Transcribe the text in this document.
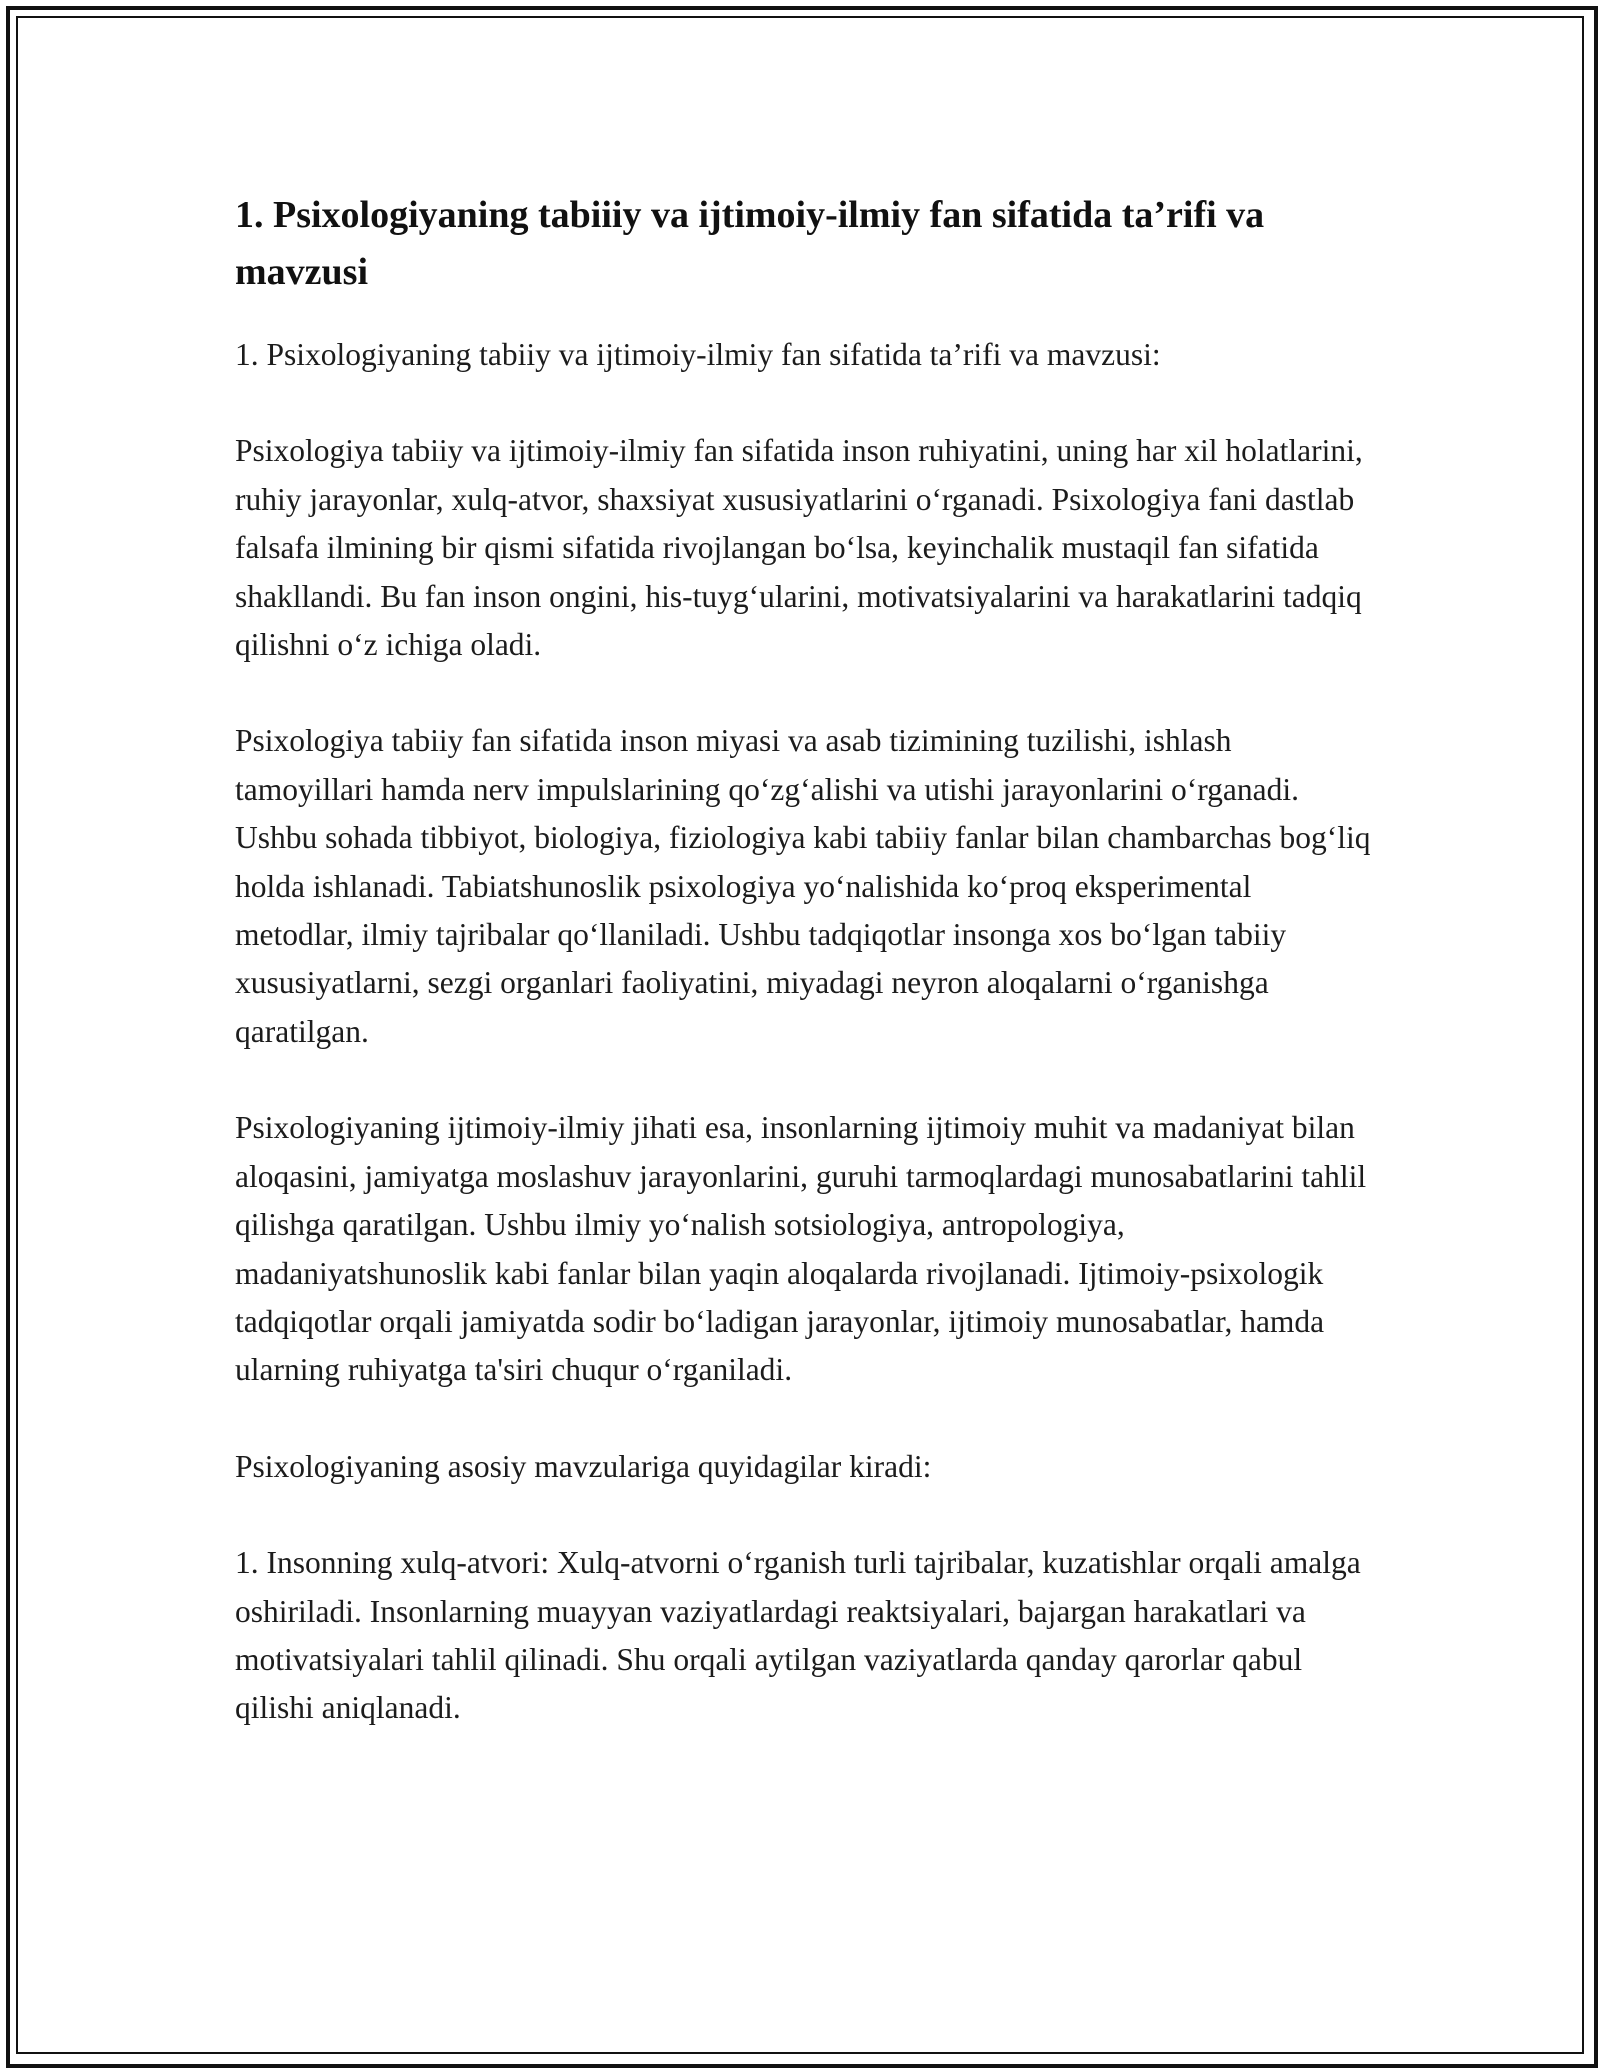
1. Psixologiyaning tabiiiy va ijtimoiy-ilmiy fan sifatida ta’rifi va mavzusi

1. Psixologiyaning tabiiy va ijtimoiy-ilmiy fan sifatida ta’rifi va mavzusi:

Psixologiya tabiiy va ijtimoiy-ilmiy fan sifatida inson ruhiyatini, uning har xil holatlarini, ruhiy jarayonlar, xulq-atvor, shaxsiyat xususiyatlarini o‘rganadi. Psixologiya fani dastlab falsafa ilmining bir qismi sifatida rivojlangan bo‘lsa, keyinchalik mustaqil fan sifatida shakllandi. Bu fan inson ongini, his-tuyg‘ularini, motivatsiyalarini va harakatlarini tadqiq qilishni o‘z ichiga oladi.

Psixologiya tabiiy fan sifatida inson miyasi va asab tizimining tuzilishi, ishlash tamoyillari hamda nerv impulslarining qo‘zg‘alishi va utishi jarayonlarini o‘rganadi. Ushbu sohada tibbiyot, biologiya, fiziologiya kabi tabiiy fanlar bilan chambarchas bog‘liq holda ishlanadi. Tabiatshunoslik psixologiya yo‘nalishida ko‘proq eksperimental metodlar, ilmiy tajribalar qo‘llaniladi. Ushbu tadqiqotlar insonga xos bo‘lgan tabiiy xususiyatlarni, sezgi organlari faoliyatini, miyadagi neyron aloqalarni o‘rganishga qaratilgan.

Psixologiyaning ijtimoiy-ilmiy jihati esa, insonlarning ijtimoiy muhit va madaniyat bilan aloqasini, jamiyatga moslashuv jarayonlarini, guruhi tarmoqlardagi munosabatlarini tahlil qilishga qaratilgan. Ushbu ilmiy yo‘nalish sotsiologiya, antropologiya, madaniyatshunoslik kabi fanlar bilan yaqin aloqalarda rivojlanadi. Ijtimoiy-psixologik tadqiqotlar orqali jamiyatda sodir bo‘ladigan jarayonlar, ijtimoiy munosabatlar, hamda ularning ruhiyatga ta'siri chuqur o‘rganiladi.

Psixologiyaning asosiy mavzulariga quyidagilar kiradi:

1. Insonning xulq-atvori: Xulq-atvorni o‘rganish turli tajribalar, kuzatishlar orqali amalga oshiriladi. Insonlarning muayyan vaziyatlardagi reaktsiyalari, bajargan harakatlari va motivatsiyalari tahlil qilinadi. Shu orqali aytilgan vaziyatlarda qanday qarorlar qabul qilishi aniqlanadi.
